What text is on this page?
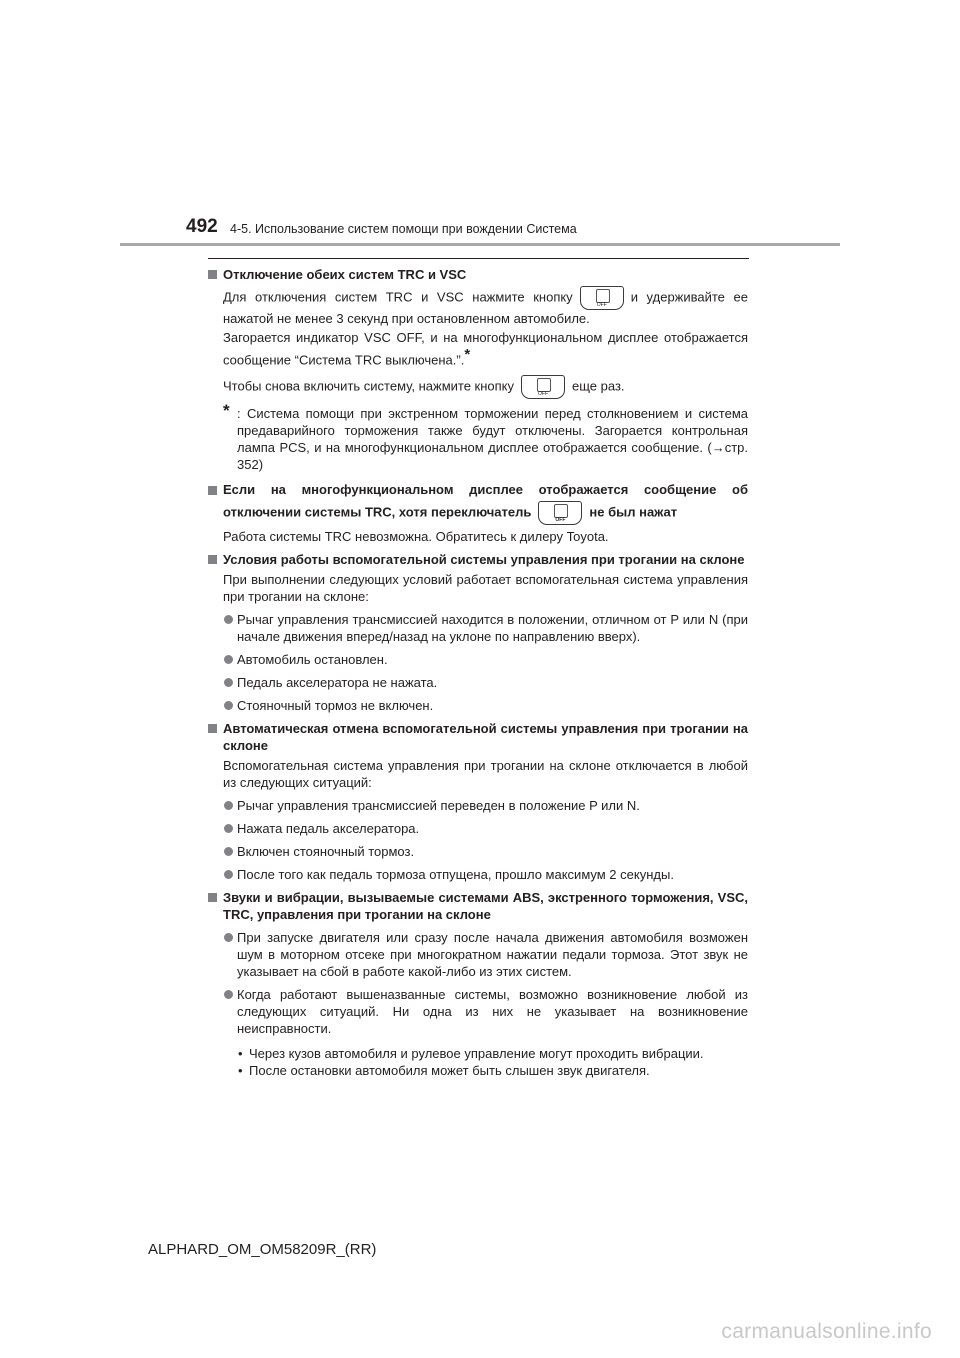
492 4-5. Использование систем помощи при вождении Система
Отключение обеих систем TRC и VSC
Для отключения систем TRC и VSC нажмите кнопку
OFF
и удерживайте ее нажатой не менее 3 секунд при остановленном автомобиле.
Загорается индикатор VSC OFF, и на многофункциональном дисплее отображается сообщение “Система TRC выключена.”.*
Чтобы снова включить систему, нажмите кнопку
OFF
еще раз.
* : Система помощи при экстренном торможении перед столкновением и система предаварийного торможения также будут отключены. Загорается контрольная лампа PCS, и на многофункциональном дисплее отображается сообщение. (→стр. 352)
Если на многофункциональном дисплее отображается сообщение об отключении системы TRC, хотя переключатель
OFF
не был нажат
Работа системы TRC невозможна. Обратитесь к дилеру Toyota.
Условия работы вспомогательной системы управления при трогании на склоне
При выполнении следующих условий работает вспомогательная система управления при трогании на склоне:
Рычаг управления трансмиссией находится в положении, отличном от P или N (при начале движения вперед/назад на уклоне по направлению вверх).
Автомобиль остановлен.
Педаль акселератора не нажата.
Стояночный тормоз не включен.
Автоматическая отмена вспомогательной системы управления при трогании на склоне
Вспомогательная система управления при трогании на склоне отключается в любой из следующих ситуаций:
Рычаг управления трансмиссией переведен в положение P или N.
Нажата педаль акселератора.
Включен стояночный тормоз.
После того как педаль тормоза отпущена, прошло максимум 2 секунды.
Звуки и вибрации, вызываемые системами ABS, экстренного торможения, VSC, TRC, управления при трогании на склоне
При запуске двигателя или сразу после начала движения автомобиля возможен шум в моторном отсеке при многократном нажатии педали тормоза. Этот звук не указывает на сбой в работе какой-либо из этих систем.
Когда работают вышеназванные системы, возможно возникновение любой из следующих ситуаций. Ни одна из них не указывает на возникновение неисправности.
• Через кузов автомобиля и рулевое управление могут проходить вибрации.
• После остановки автомобиля может быть слышен звук двигателя.
ALPHARD_OM_OM58209R_(RR)
carmanualsonline.info
